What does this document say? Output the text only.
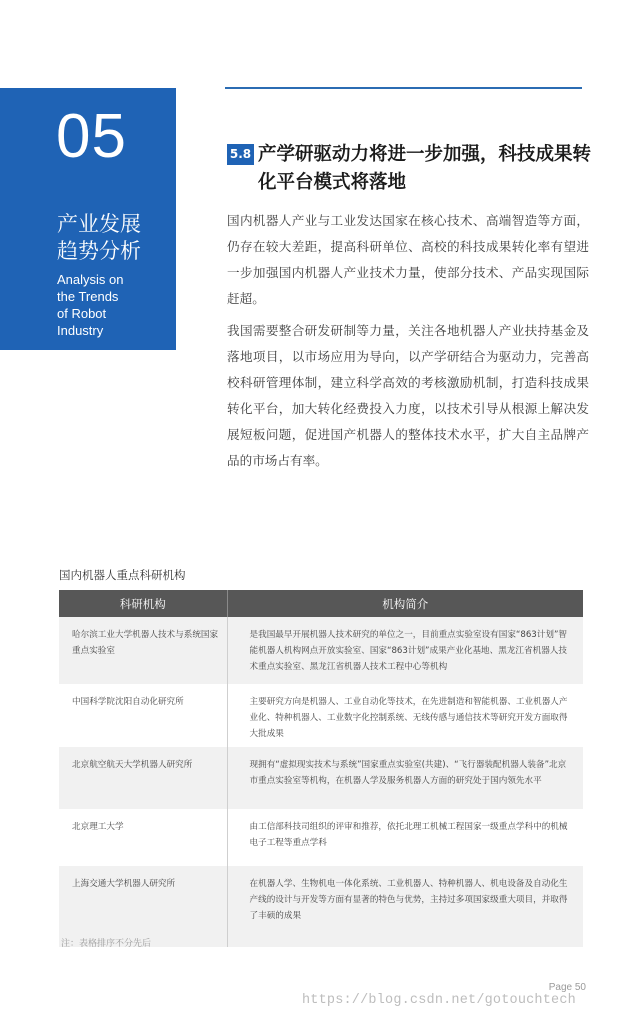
05
产业发展
趋势分析
Analysis on
the Trends
of Robot
Industry
5.8 产学研驱动力将进一步加强，科技成果转化平台模式将落地

国内机器人产业与工业发达国家在核心技术、高端智造等方面，仍存在较大差距，提高科研单位、高校的科技成果转化率有望进一步加强国内机器人产业技术力量，使部分技术、产品实现国际赶超。

我国需要整合研发研制等力量，关注各地机器人产业扶持基金及落地项目，以市场应用为导向，以产学研结合为驱动力，完善高校科研管理体制，建立科学高效的考核激励机制，打造科技成果转化平台，加大转化经费投入力度，以技术引导从根源上解决发展短板问题，促进国产机器人的整体技术水平，扩大自主品牌产品的市场占有率。

国内机器人重点科研机构
科研机构	机构简介
哈尔滨工业大学机器人技术与系统国家重点实验室	是我国最早开展机器人技术研究的单位之一，目前重点实验室设有国家“863计划”智能机器人机构网点开放实验室、国家“863计划”成果产业化基地、黑龙江省机器人技术重点实验室、黑龙江省机器人技术工程中心等机构
中国科学院沈阳自动化研究所	主要研究方向是机器人、工业自动化等技术，在先进制造和智能机器、工业机器人产业化、特种机器人、工业数字化控制系统、无线传感与通信技术等研究开发方面取得大批成果
北京航空航天大学机器人研究所	现拥有“虚拟现实技术与系统”国家重点实验室(共建)、“飞行器装配机器人装备”北京市重点实验室等机构，在机器人学及服务机器人方面的研究处于国内领先水平
北京理工大学	由工信部科技司组织的评审和推荐，依托北理工机械工程国家一级重点学科中的机械电子工程等重点学科
上海交通大学机器人研究所	在机器人学、生物机电一体化系统、工业机器人、特种机器人、机电设备及自动化生产线的设计与开发等方面有显著的特色与优势，主持过多项国家级重大项目，并取得了丰硕的成果
注：表格排序不分先后
Page 50
https://blog.csdn.net/gotouchtech
